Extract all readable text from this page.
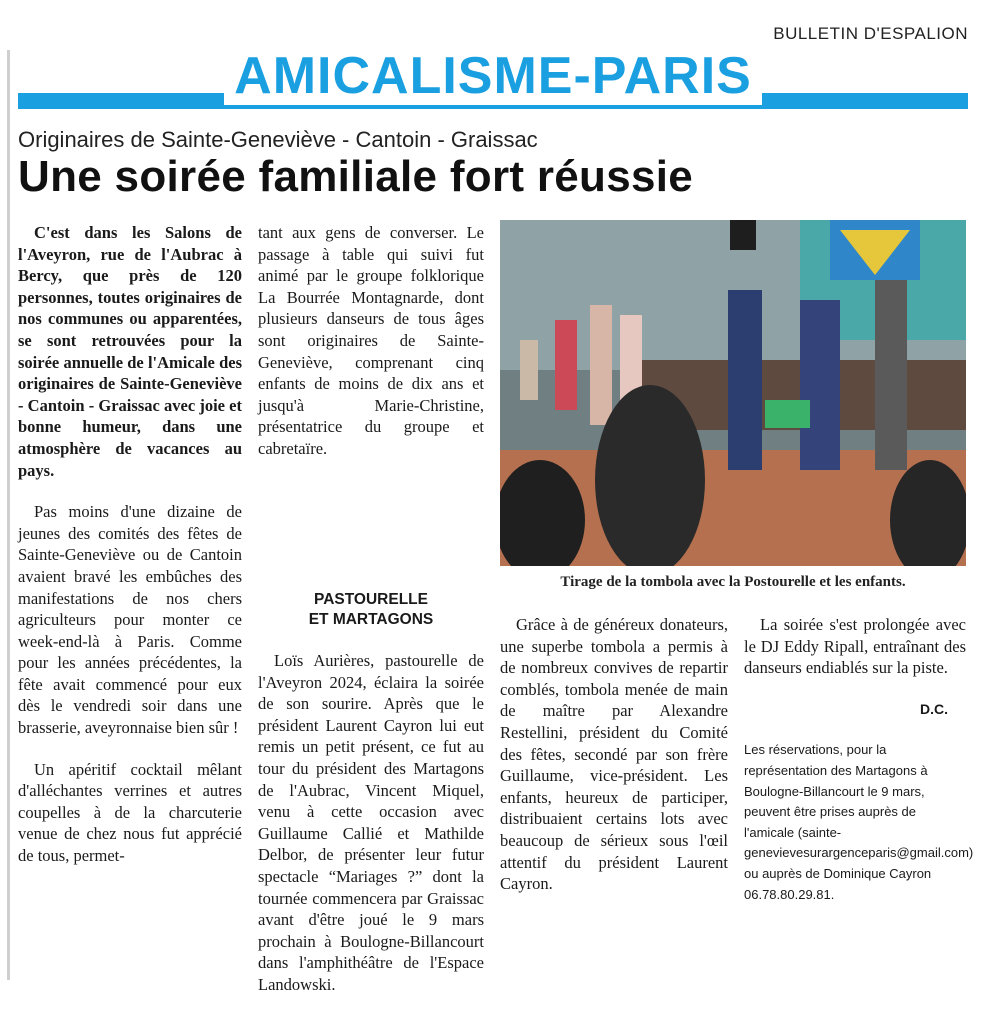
BULLETIN D'ESPALION
AMICALISME-PARIS
Originaires de Sainte-Geneviève - Cantoin - Graissac
Une soirée familiale fort réussie

C'est dans les Salons de l'Aveyron, rue de l'Aubrac à Bercy, que près de 120 personnes, toutes originaires de nos communes ou apparentées, se sont retrouvées pour la soirée annuelle de l'Amicale des originaires de Sainte-Geneviève - Cantoin - Graissac avec joie et bonne humeur, dans une atmosphère de vacances au pays.

Pas moins d'une dizaine de jeunes des comités des fêtes de Sainte-Geneviève ou de Cantoin avaient bravé les embûches des manifestations de nos chers agriculteurs pour monter ce week-end-là à Paris. Comme pour les années précédentes, la fête avait commencé pour eux dès le vendredi soir dans une brasserie, aveyronnaise bien sûr !

Un apéritif cocktail mêlant d'alléchantes verrines et autres coupelles à de la charcuterie venue de chez nous fut apprécié de tous, permet-

tant aux gens de converser. Le passage à table qui suivi fut animé par le groupe folklorique La Bourrée Montagnarde, dont plusieurs danseurs de tous âges sont originaires de Sainte-Geneviève, comprenant cinq enfants de moins de dix ans et jusqu'à Marie-Christine, présentatrice du groupe et cabretaïre.

PASTOURELLE
ET MARTAGONS

Loïs Aurières, pastourelle de l'Aveyron 2024, éclaira la soirée de son sourire. Après que le président Laurent Cayron lui eut remis un petit présent, ce fut au tour du président des Martagons de l'Aubrac, Vincent Miquel, venu à cette occasion avec Guillaume Callié et Mathilde Delbor, de présenter leur futur spectacle “Mariages ?” dont la tournée commencera par Graissac avant d'être joué le 9 mars prochain à Boulogne-Billancourt dans l'amphithéâtre de l'Espace Landowski.

Tirage de la tombola avec la Postourelle et les enfants.

Grâce à de généreux donateurs, une superbe tombola a permis à de nombreux convives de repartir comblés, tombola menée de main de maître par Alexandre Restellini, président du Comité des fêtes, secondé par son frère Guillaume, vice-président. Les enfants, heureux de participer, distribuaient certains lots avec beaucoup de sérieux sous l'œil attentif du président Laurent Cayron.

La soirée s'est prolongée avec le DJ Eddy Ripall, entraînant des danseurs endiablés sur la piste.

D.C.
Les réservations, pour la représentation des Martagons à Boulogne-Billancourt le 9 mars, peuvent être prises auprès de l'amicale (sainte-genevievesurargenceparis@gmail.com) ou auprès de Dominique Cayron 06.78.80.29.81.
